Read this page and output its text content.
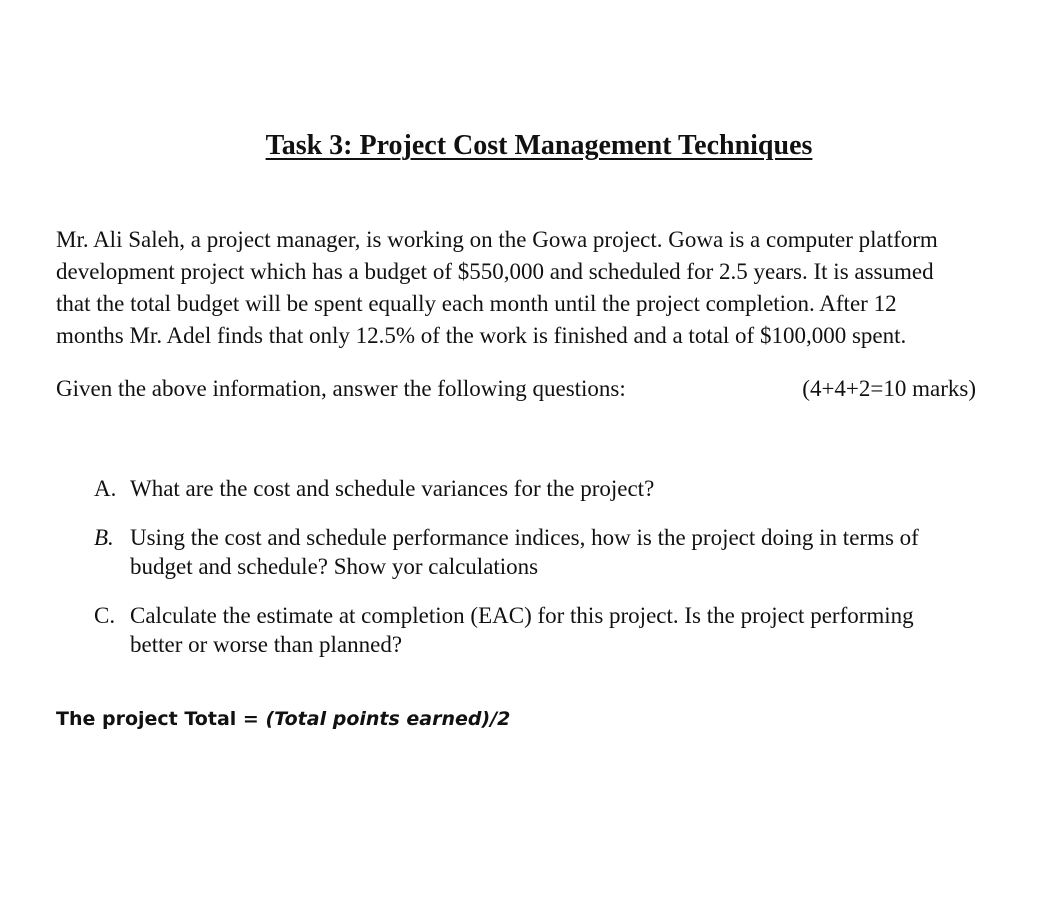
Task 3: Project Cost Management Techniques

Mr. Ali Saleh, a project manager, is working on the Gowa project. Gowa is a computer platform

development project which has a budget of $550,000 and scheduled for 2.5 years. It is assumed

that the total budget will be spent equally each month until the project completion. After 12

months Mr. Adel finds that only 12.5% of the work is finished and a total of $100,000 spent.

Given the above information, answer the following questions:	(4+4+2=10 marks)
A. What are the cost and schedule variances for the project?
B. Using the cost and schedule performance indices, how is the project doing in terms of
budget and schedule? Show yor calculations
C. Calculate the estimate at completion (EAC) for this project. Is the project performing
better or worse than planned?
The project Total = (Total points earned)/2
